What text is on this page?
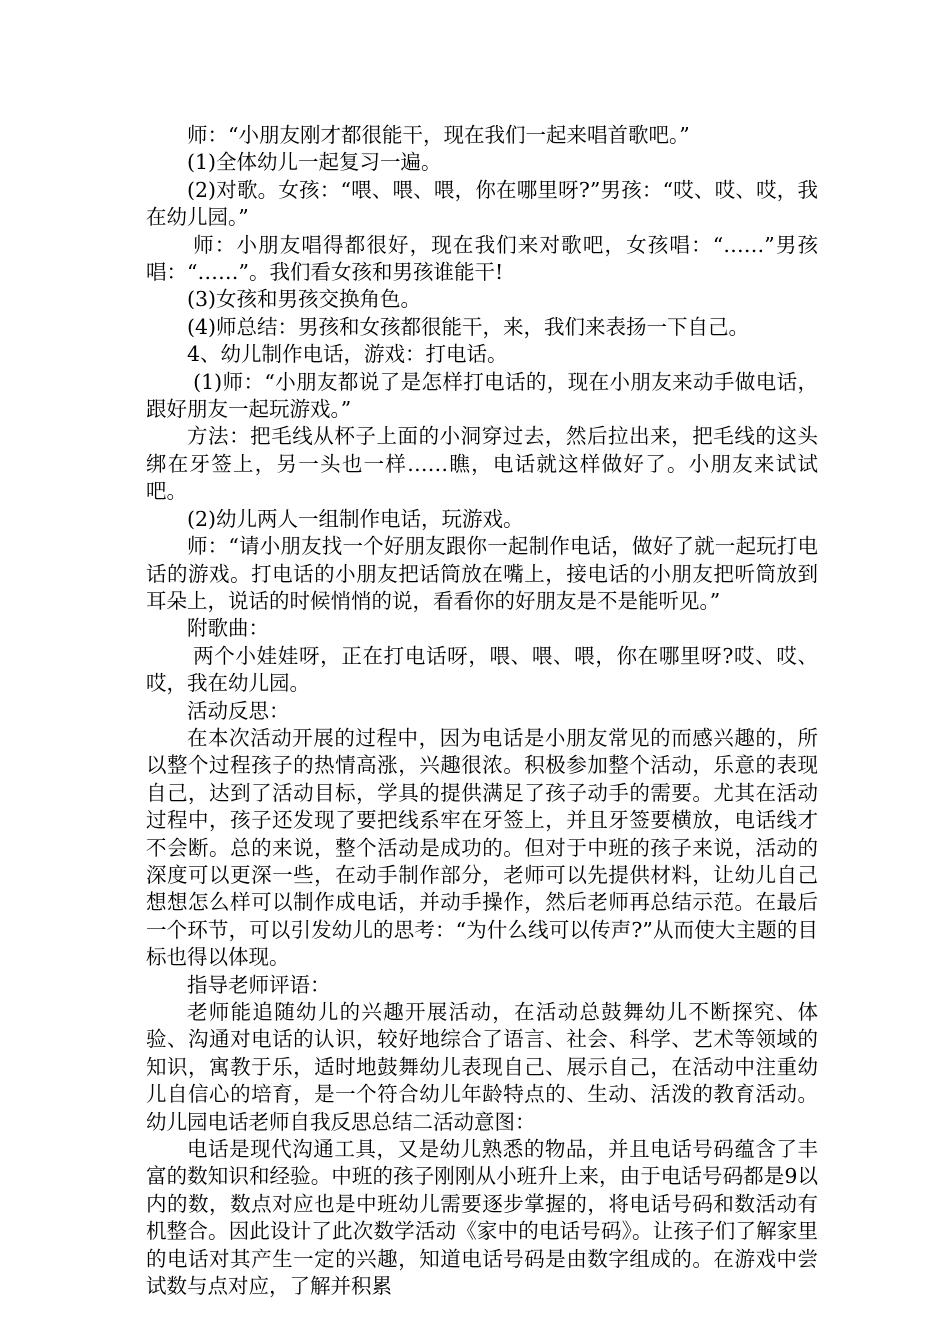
师：“小朋友刚才都很能干，现在我们一起来唱首歌吧。”

(1)全体幼儿一起复习一遍。

(2)对歌。女孩：“喂、喂、喂，你在哪里呀?”男孩：“哎、哎、哎，我在幼儿园。”

师：小朋友唱得都很好，现在我们来对歌吧，女孩唱：“……”男孩唱：“……”。我们看女孩和男孩谁能干!

(3)女孩和男孩交换角色。

(4)师总结：男孩和女孩都很能干，来，我们来表扬一下自己。

4、幼儿制作电话，游戏：打电话。

(1)师：“小朋友都说了是怎样打电话的，现在小朋友来动手做电话，跟好朋友一起玩游戏。”

方法：把毛线从杯子上面的小洞穿过去，然后拉出来，把毛线的这头绑在牙签上，另一头也一样……瞧，电话就这样做好了。小朋友来试试吧。

(2)幼儿两人一组制作电话，玩游戏。

师：“请小朋友找一个好朋友跟你一起制作电话，做好了就一起玩打电话的游戏。打电话的小朋友把话筒放在嘴上，接电话的小朋友把听筒放到耳朵上，说话的时候悄悄的说，看看你的好朋友是不是能听见。”

附歌曲：

两个小娃娃呀，正在打电话呀，喂、喂、喂，你在哪里呀?哎、哎、哎，我在幼儿园。

活动反思：

在本次活动开展的过程中，因为电话是小朋友常见的而感兴趣的，所以整个过程孩子的热情高涨，兴趣很浓。积极参加整个活动，乐意的表现自己，达到了活动目标，学具的提供满足了孩子动手的需要。尤其在活动过程中，孩子还发现了要把线系牢在牙签上，并且牙签要横放，电话线才不会断。总的来说，整个活动是成功的。但对于中班的孩子来说，活动的深度可以更深一些，在动手制作部分，老师可以先提供材料，让幼儿自己想想怎么样可以制作成电话，并动手操作，然后老师再总结示范。在最后一个环节，可以引发幼儿的思考：“为什么线可以传声?”从而使大主题的目标也得以体现。

指导老师评语：

老师能追随幼儿的兴趣开展活动，在活动总鼓舞幼儿不断探究、体验、沟通对电话的认识，较好地综合了语言、社会、科学、艺术等领域的知识，寓教于乐，适时地鼓舞幼儿表现自己、展示自己，在活动中注重幼儿自信心的培育，是一个符合幼儿年龄特点的、生动、活泼的教育活动。幼儿园电话老师自我反思总结二活动意图：

电话是现代沟通工具，又是幼儿熟悉的物品，并且电话号码蕴含了丰富的数知识和经验。中班的孩子刚刚从小班升上来，由于电话号码都是9以内的数，数点对应也是中班幼儿需要逐步掌握的，将电话号码和数活动有机整合。因此设计了此次数学活动《家中的电话号码》。让孩子们了解家里的电话对其产生一定的兴趣，知道电话号码是由数字组成的。在游戏中尝试数与点对应，了解并积累
